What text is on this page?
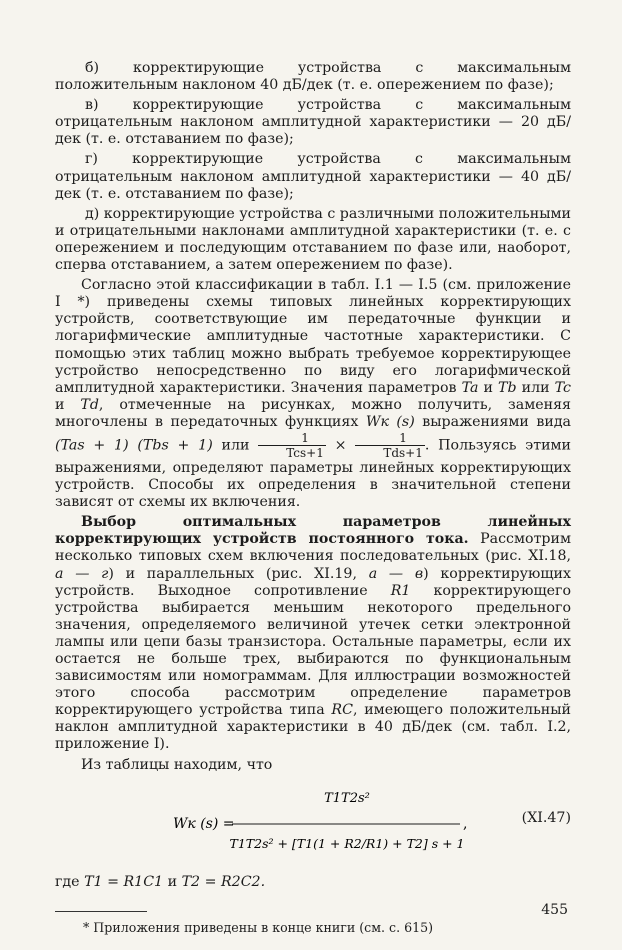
б) корректирующие устройства с максимальным положительным наклоном 40 дБ/дек (т. е. опережением по фазе);

в) корректирующие устройства с максимальным отрицательным наклоном амплитудной характеристики — 20 дБ/дек (т. е. отставанием по фазе);

г) корректирующие устройства с максимальным отрицательным наклоном амплитудной характеристики — 40 дБ/дек (т. е. отставанием по фазе);

д) корректирующие устройства с различными положительными и отрицательными наклонами амплитудной характеристики (т. е. с опережением и последующим отставанием по фазе или, наоборот, сперва отставанием, а затем опережением по фазе).

Согласно этой классификации в табл. I.1 — I.5 (см. приложение I *) приведены схемы типовых линейных корректирующих устройств, соответствующие им передаточные функции и логарифмические амплитудные частотные характеристики. С помощью этих таблиц можно выбрать требуемое корректирующее устройство непосредственно по виду его логарифмической амплитудной характеристики. Значения параметров Ta и Tb или Tc и Td, отмеченные на рисунках, можно получить, заменяя многочлены в передаточных функциях Wк (s) выражениями вида (Tas + 1) (Tbs + 1) или $\frac{1}{\text{Tcs+1}} \times \frac{1}{\text{Tds+1}}$ . Пользуясь этими выражениями, определяют параметры линейных корректирующих устройств. Способы их определения в значительной степени зависят от схемы их включения.

Выбор оптимальных параметров линейных корректирующих устройств постоянного тока. Рассмотрим несколько типовых схем включения последовательных (рис. XI.18, а — г) и параллельных (рис. XI.19, а — в) корректирующих устройств. Выходное сопротивление R1 корректирующего устройства выбирается меньшим некоторого предельного значения, определяемого величиной утечек сетки электронной лампы или цепи базы транзистора. Остальные параметры, если их остается не больше трех, выбираются по функциональным зависимостям или номограммам. Для иллюстрации возможностей этого способа рассмотрим определение параметров корректирующего устройства типа RC, имеющего положительный наклон амплитудной характеристики в 40 дБ/дек (см. табл. I.2, приложение I).

Из таблицы находим, что

Wк (s) =
T1T2s²
T1T2s² + [T1(1 + R2/R1) + T2] s + 1
,	(XI.47)

где T1 = R1C1 и T2 = R2C2.

* Приложения приведены в конце книги (см. с. 615)

455
